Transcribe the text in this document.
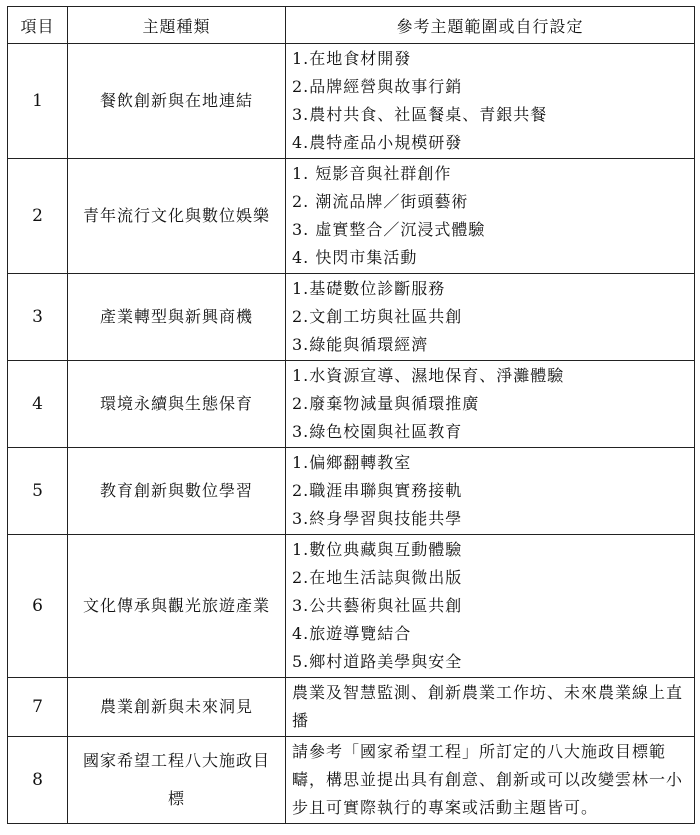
項目	主題種類	參考主題範圍或自行設定
1	餐飲創新與在地連結	1.在地食材開發
2.品牌經營與故事行銷
3.農村共食、社區餐桌、青銀共餐
4.農特產品小規模研發

2	青年流行文化與數位娛樂	1. 短影音與社群創作
2. 潮流品牌／街頭藝術
3. 虛實整合／沉浸式體驗
4. 快閃市集活動

3	產業轉型與新興商機	1.基礎數位診斷服務
2.文創工坊與社區共創
3.綠能與循環經濟

4	環境永續與生態保育	1.水資源宣導、濕地保育、淨灘體驗
2.廢棄物減量與循環推廣
3.綠色校園與社區教育

5	教育創新與數位學習	1.偏鄉翻轉教室
2.職涯串聯與實務接軌
3.終身學習與技能共學

6	文化傳承與觀光旅遊產業	1.數位典藏與互動體驗
2.在地生活誌與微出版
3.公共藝術與社區共創
4.旅遊導覽結合
5.鄉村道路美學與安全

7	農業創新與未來洞見	農業及智慧監測、創新農業工作坊、未來農業線上直播

8	國家希望工程八大施政目標	請參考「國家希望工程」所訂定的八大施政目標範疇，構思並提出具有創意、創新或可以改變雲林一小步且可實際執行的專案或活動主題皆可。
